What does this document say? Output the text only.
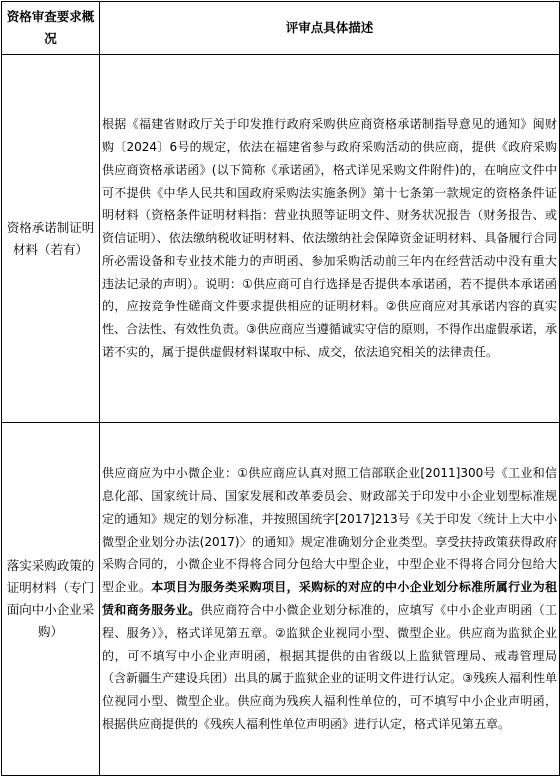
资格审查要求概况	评审点具体描述
资格承诺制证明材料（若有）	根据《福建省财政厅关于印发推行政府采购供应商资格承诺制指导意见的通知》闽财购〔2024〕6号的规定，依法在福建省参与政府采购活动的供应商，提供《政府采购供应商资格承诺函》(以下简称《承诺函》，格式详见采购文件附件)的，在响应文件中可不提供《中华人民共和国政府采购法实施条例》第十七条第一款规定的资格条件证明材料（资格条件证明材料指：营业执照等证明文件、财务状况报告（财务报告、或资信证明）、依法缴纳税收证明材料、依法缴纳社会保障资金证明材料、具备履行合同所必需设备和专业技术能力的声明函、参加采购活动前三年内在经营活动中没有重大违法记录的声明）。说明：①供应商可自行选择是否提供本承诺函，若不提供本承诺函的，应按竞争性磋商文件要求提供相应的证明材料。②供应商应对其承诺内容的真实性、合法性、有效性负责。③供应商应当遵循诚实守信的原则，不得作出虚假承诺，承诺不实的，属于提供虚假材料谋取中标、成交，依法追究相关的法律责任。
落实采购政策的证明材料（专门面向中小企业采购）	供应商应为中小微企业：①供应商应认真对照工信部联企业[2011]300号《工业和信息化部、国家统计局、国家发展和改革委员会、财政部关于印发中小企业划型标准规定的通知》规定的划分标准，并按照国统字[2017]213号《关于印发〈统计上大中小微型企业划分办法(2017)〉的通知》规定准确划分企业类型。享受扶持政策获得政府采购合同的，小微企业不得将合同分包给大中型企业，中型企业不得将合同分包给大型企业。本项目为服务类采购项目，采购标的对应的中小企业划分标准所属行业为租赁和商务服务业。供应商符合中小微企业划分标准的，应填写《中小企业声明函（工程、服务）》，格式详见第五章。②监狱企业视同小型、微型企业。供应商为监狱企业的，可不填写中小企业声明函，根据其提供的由省级以上监狱管理局、戒毒管理局（含新疆生产建设兵团）出具的属于监狱企业的证明文件进行认定。③残疾人福利性单位视同小型、微型企业。供应商为残疾人福利性单位的，可不填写中小企业声明函，根据供应商提供的《残疾人福利性单位声明函》进行认定，格式详见第五章。
